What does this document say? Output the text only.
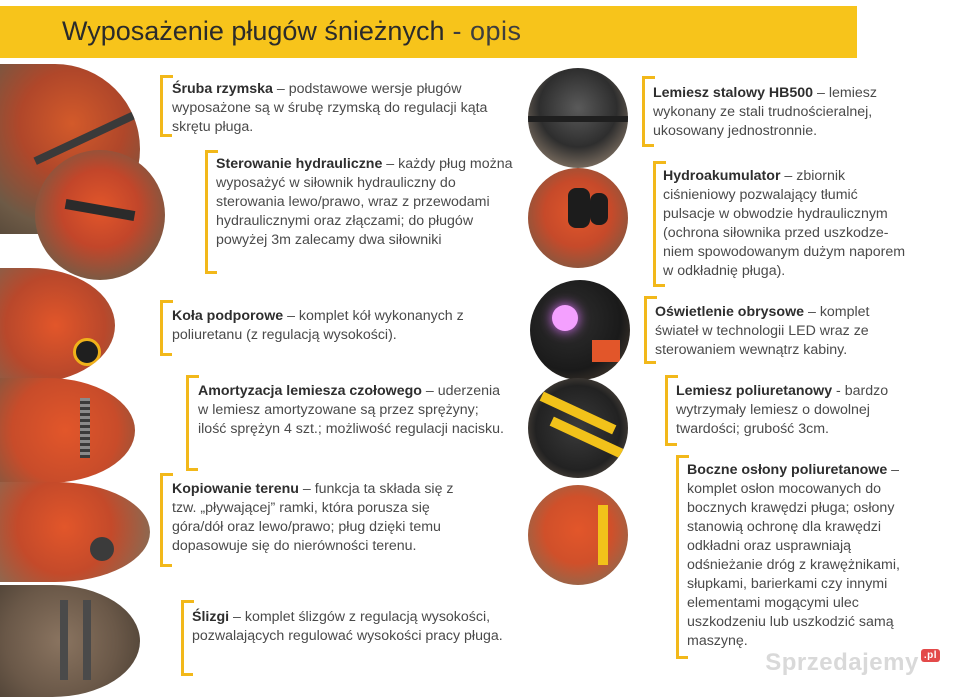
Wyposażenie pługów śnieżnych - opis
Śruba rzymska – podstawowe wersje pługów wyposażone są w śrubę rzymską do regulacji kąta skrętu pługa.
Sterowanie hydrauliczne – każdy pług można wyposażyć w siłownik hydrauliczny do sterowania lewo/prawo, wraz z przewodami hydraulicznymi oraz złączami; do pługów powyżej 3m zalecamy dwa siłowniki
Koła podporowe – komplet kół wykonanych z poliuretanu (z regulacją wysokości).
Amortyzacja lemiesza czołowego – uderzenia w lemiesz amortyzowane są przez sprężyny; ilość sprężyn 4 szt.; możliwość regulacji nacisku.
Kopiowanie terenu – funkcja ta składa się z tzw. „pływającej” ramki, która porusza się góra/dół oraz lewo/prawo; pług dzięki temu dopasowuje się do nierówności terenu.
Ślizgi – komplet ślizgów z regulacją wysokości, pozwalających regulować wysokości pracy pługa.
Lemiesz stalowy HB500 – lemiesz wykonany ze stali trudnościeralnej, ukosowany jednostronnie.
Hydroakumulator – zbiornik ciśnieniowy pozwalający tłumić pulsacje w obwodzie hydraulicznym (ochrona siłownika przed uszkodze- niem spowodowanym dużym naporem w odkładnię pługa).
Oświetlenie obrysowe – komplet świateł w technologii LED wraz ze sterowaniem wewnątrz kabiny.
Lemiesz poliuretanowy - bardzo wytrzymały lemiesz o dowolnej twardości; grubość 3cm.
Boczne osłony poliuretanowe – komplet osłon mocowanych do bocznych krawędzi pługa; osłony stanowią ochronę dla krawędzi odkładni oraz usprawniają odśnieżanie dróg z krawężnikami, słupkami, barierkami czy innymi elementami mogącymi ulec uszkodzeniu lub uszkodzić samą maszynę.
Sprzedajemy .pl
